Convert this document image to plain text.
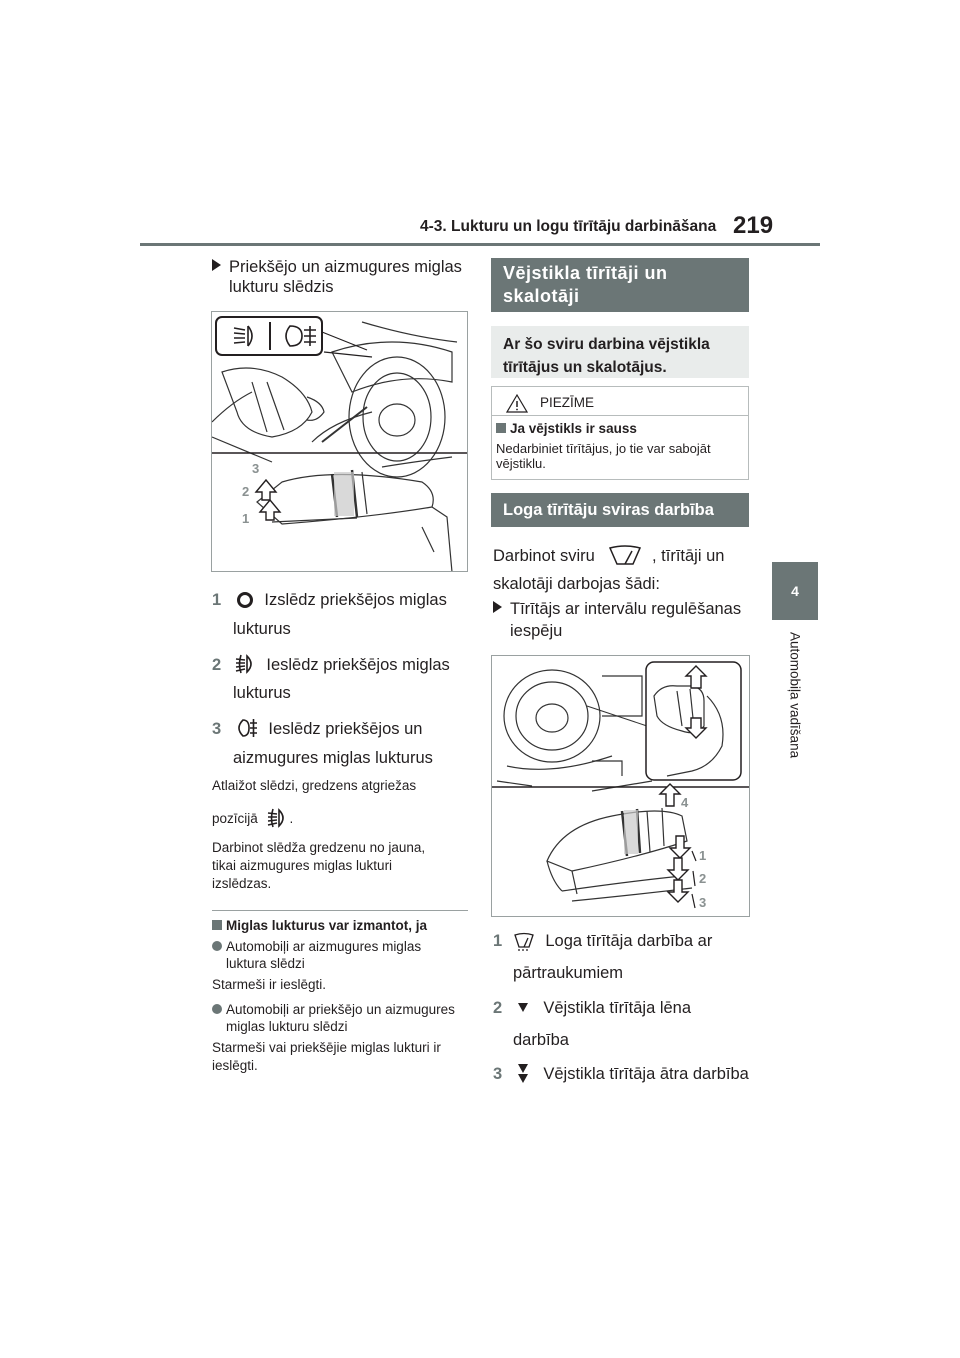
4-3. Lukturu un logu tīrītāju darbināšana 219
4
Automobiļa vadīšana
Priekšējo un aizmugures miglas
lukturu slēdzis
3
2
1
1	Izslēdz priekšējos miglas
lukturus
2	Ieslēdz priekšējos miglas
lukturus
3	Ieslēdz priekšējos un
aizmugures miglas lukturus
Atlaižot slēdzi, gredzens atgriežas
pozīcijā .
Darbinot slēdža gredzenu no jauna,
tikai aizmugures miglas lukturi
izslēdzas.
Miglas lukturus var izmantot, ja
Automobiļi ar aizmugures miglas
luktura slēdzi
Starmeši ir ieslēgti.
Automobiļi ar priekšējo un aizmugures
miglas lukturu slēdzi
Starmeši vai priekšējie miglas lukturi ir
ieslēgti.
Vējstikla tīrītāji un
skalotāji
Ar šo sviru darbina vējstikla
tīrītājus un skalotājus.
PIEZĪME
Ja vējstikls ir sauss
Nedarbiniet tīrītājus, jo tie var sabojāt
vējstiklu.
Loga tīrītāju sviras darbība
Darbinot sviru	, tīrītāji un
skalotāji darbojas šādi:
Tīrītājs ar intervālu regulēšanas
iespēju
4
1
2
3
1	Loga tīrītāja darbība ar
pārtraukumiem
2 Vējstikla tīrītāja lēna
darbība
3 Vējstikla tīrītāja ātra darbība
